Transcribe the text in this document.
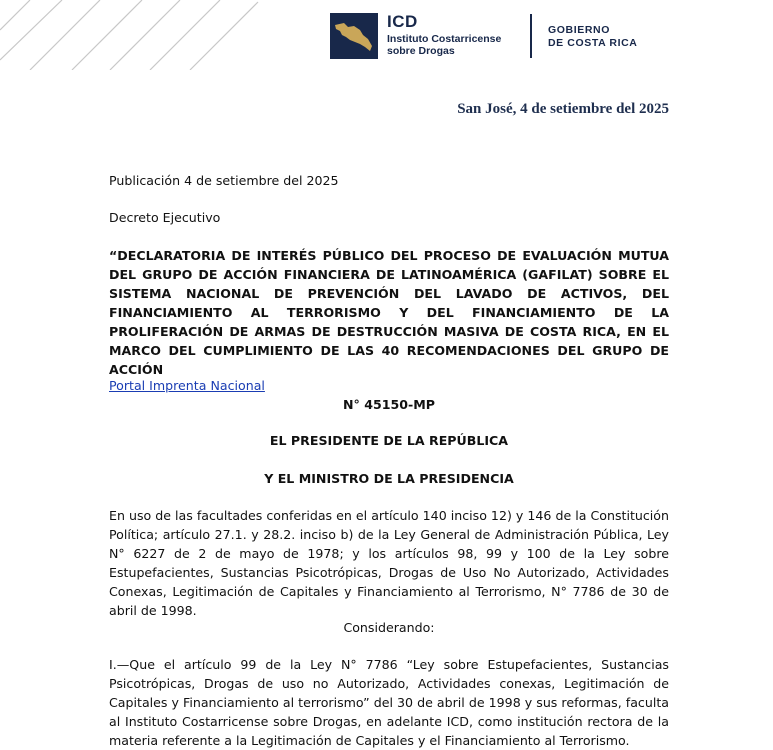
ICD
Instituto Costarricense
sobre Drogas
GOBIERNO
DE COSTA RICA
San José, 4 de setiembre del 2025
Publicación 4 de setiembre del 2025
Decreto Ejecutivo
“DECLARATORIA DE INTERÉS PÚBLICO DEL PROCESO DE EVALUACIÓN MUTUA DEL GRUPO DE ACCIÓN FINANCIERA DE LATINOAMÉRICA (GAFILAT) SOBRE EL SISTEMA NACIONAL DE PREVENCIÓN DEL LAVADO DE ACTIVOS, DEL FINANCIAMIENTO AL TERRORISMO Y DEL FINANCIAMIENTO DE LA PROLIFERACIÓN DE ARMAS DE DESTRUCCIÓN MASIVA DE COSTA RICA, EN EL MARCO DEL CUMPLIMIENTO DE LAS 40 RECOMENDACIONES DEL GRUPO DE ACCIÓN
Portal Imprenta Nacional
N° 45150-MP
EL PRESIDENTE DE LA REPÚBLICA
Y EL MINISTRO DE LA PRESIDENCIA
En uso de las facultades conferidas en el artículo 140 inciso 12) y 146 de la Constitución Política; artículo 27.1. y 28.2. inciso b) de la Ley General de Administración Pública, Ley N° 6227 de 2 de mayo de 1978; y los artículos 98, 99 y 100 de la Ley sobre Estupefacientes, Sustancias Psicotrópicas, Drogas de Uso No Autorizado, Actividades Conexas, Legitimación de Capitales y Financiamiento al Terrorismo, N° 7786 de 30 de abril de 1998.
Considerando:
I.—Que el artículo 99 de la Ley N° 7786 “Ley sobre Estupefacientes, Sustancias Psicotrópicas, Drogas de uso no Autorizado, Actividades conexas, Legitimación de Capitales y Financiamiento al terrorismo” del 30 de abril de 1998 y sus reformas, faculta al Instituto Costarricense sobre Drogas, en adelante ICD, como institución rectora de la materia referente a la Legitimación de Capitales y el Financiamiento al Terrorismo.
